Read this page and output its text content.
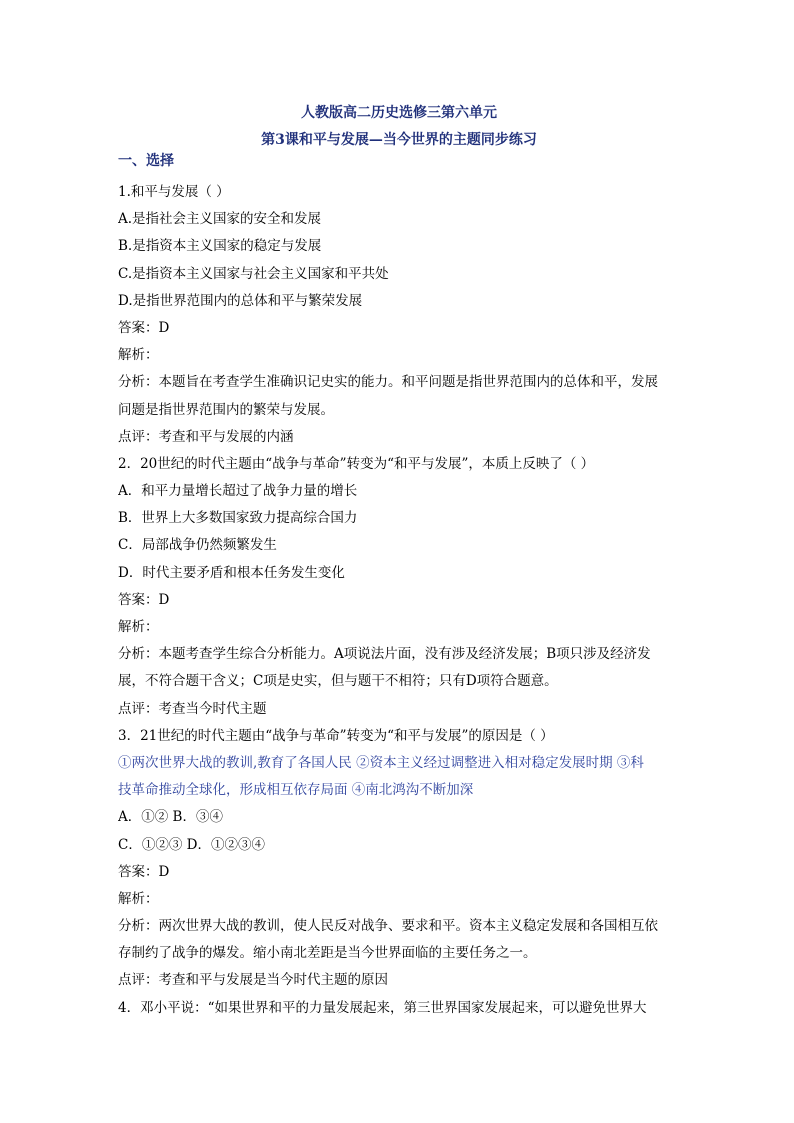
人教版高二历史选修三第六单元
第3课和平与发展—当今世界的主题同步练习
一、选择
1.和平与发展（ ）
A.是指社会主义国家的安全和发展
B.是指资本主义国家的稳定与发展
C.是指资本主义国家与社会主义国家和平共处
D.是指世界范围内的总体和平与繁荣发展
答案：D
解析：
分析：本题旨在考查学生准确识记史实的能力。和平问题是指世界范围内的总体和平，发展
问题是指世界范围内的繁荣与发展。
点评：考查和平与发展的内涵
2．20世纪的时代主题由“战争与革命”转变为“和平与发展”，本质上反映了（ ）
A．和平力量增长超过了战争力量的增长
B．世界上大多数国家致力提高综合国力
C．局部战争仍然频繁发生
D．时代主要矛盾和根本任务发生变化
答案：D
解析：
分析：本题考查学生综合分析能力。A项说法片面，没有涉及经济发展；B项只涉及经济发
展，不符合题干含义；C项是史实，但与题干不相符；只有D项符合题意。
点评：考查当今时代主题
3．21世纪的时代主题由“战争与革命”转变为“和平与发展”的原因是（ ）
①两次世界大战的教训,教育了各国人民 ②资本主义经过调整进入相对稳定发展时期 ③科
技革命推动全球化，形成相互依存局面 ④南北鸿沟不断加深
A．①② B．③④
C．①②③ D．①②③④
答案：D
解析：
分析：两次世界大战的教训，使人民反对战争、要求和平。资本主义稳定发展和各国相互依
存制约了战争的爆发。缩小南北差距是当今世界面临的主要任务之一。
点评：考查和平与发展是当今时代主题的原因
4．邓小平说：“如果世界和平的力量发展起来，第三世界国家发展起来，可以避免世界大
